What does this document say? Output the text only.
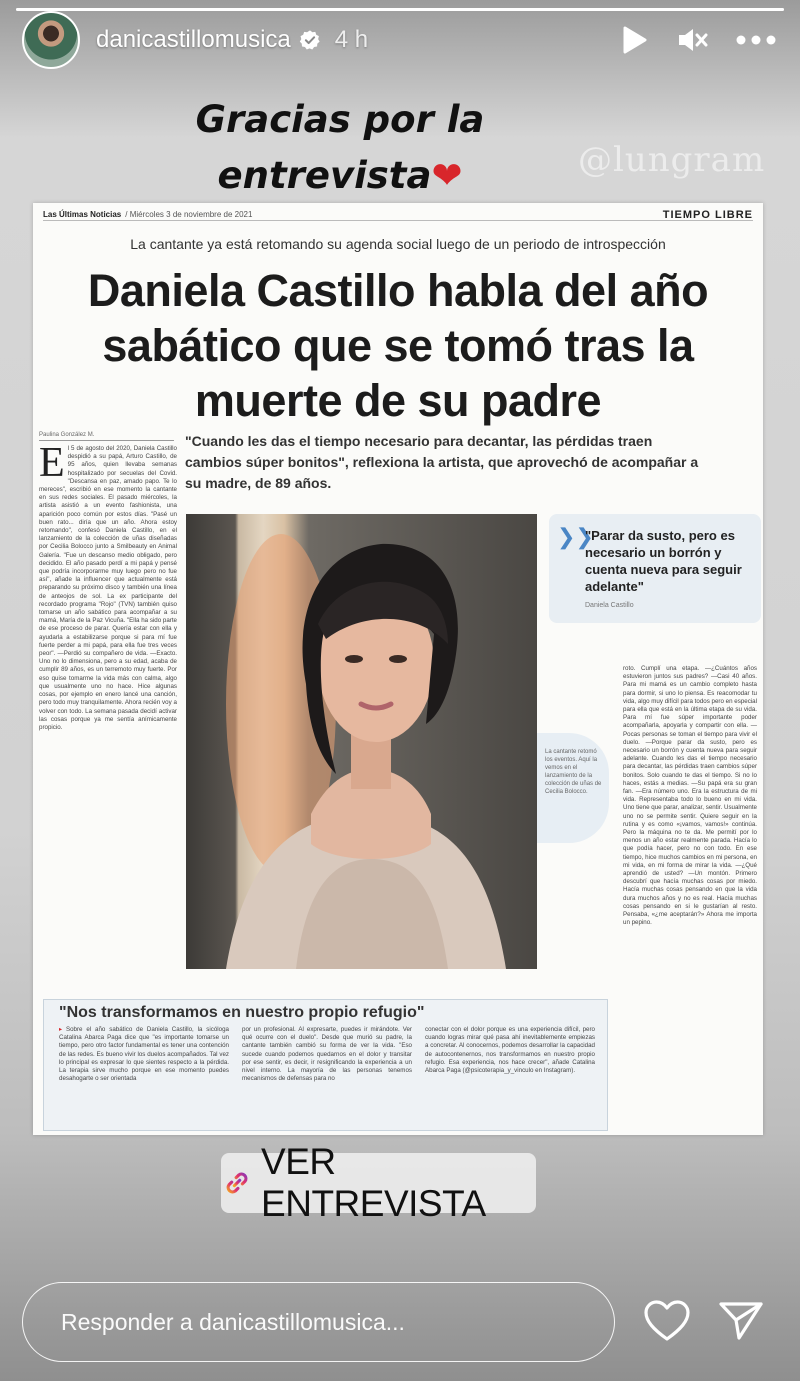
danicastillomusica 4 h
Gracias por la
entrevista❤	@lungram
Las Últimas Noticias / Miércoles 3 de noviembre de 2021	TIEMPO LIBRE
La cantante ya está retomando su agenda social luego de un periodo de introspección
Daniela Castillo habla del año sabático que se tomó tras la muerte de su padre
Paulina González M.	"Cuando les das el tiempo necesario para decantar, las pérdidas traen cambios súper bonitos", reflexiona la artista, que aprovechó de acompañar a su madre, de 89 años.
El 5 de agosto del 2020, Daniela Castillo despidió a su papá, Arturo Castillo, de 95 años, quien llevaba semanas hospitalizado por secuelas del Covid. "Descansa en paz, amado papo. Te lo mereces", escribió en ese momento la cantante en sus redes sociales. El pasado miércoles, la artista asistió a un evento fashionista, una aparición poco común por estos días. "Pasé un buen rato... diría que un año. Ahora estoy retomando", confesó Daniela Castillo, en el lanzamiento de la colección de uñas diseñadas por Cecilia Bolocco junto a Smilbeauty en Animal Galería. "Fue un descanso medio obligado, pero decidido. El año pasado perdí a mi papá y pensé que podría incorporarme muy luego pero no fue así", añade la influencer que actualmente está preparando su próximo disco y también una línea de anteojos de sol. La ex participante del recordado programa "Rojo" (TVN) también quiso tomarse un año sabático para acompañar a su mamá, María de la Paz Vicuña. "Ella ha sido parte de ese proceso de parar. Quería estar con ella y ayudarla a estabilizarse porque si para mí fue fuerte perder a mi papá, para ella fue tres veces peor". —Perdió su compañero de vida. —Exacto. Uno no lo dimensiona, pero a su edad, acaba de cumplir 89 años, es un terremoto muy fuerte. Por eso quise tomarme la vida más con calma, algo que usualmente uno no hace. Hice algunas cosas, por ejemplo en enero lancé una canción, pero todo muy tranquilamente. Ahora recién voy a volver con todo. La semana pasada decidí activar las cosas porque ya me sentía anímicamente propicio.
❯❯
"Parar da susto, pero es necesario un borrón y cuenta nueva para seguir adelante"
Daniela Castillo
La cantante retomó los eventos. Aquí la vemos en el lanzamiento de la colección de uñas de Cecilia Bolocco.
roto. Cumplí una etapa. —¿Cuántos años estuvieron juntos sus padres? —Casi 40 años. Para mi mamá es un cambio completo hasta para dormir, si uno lo piensa. Es reacomodar tu vida, algo muy difícil para todos pero en especial para ella que está en la última etapa de su vida. Para mí fue súper importante poder acompañarla, apoyarla y compartir con ella. —Pocas personas se toman el tiempo para vivir el duelo. —Porque parar da susto, pero es necesario un borrón y cuenta nueva para seguir adelante. Cuando les das el tiempo necesario para decantar, las pérdidas traen cambios súper bonitos. Solo cuando te das el tiempo. Si no lo haces, estás a medias. —Su papá era su gran fan. —Era número uno. Era la estructura de mi vida. Representaba todo lo bueno en mi vida. Uno tiene que parar, analizar, sentir. Usualmente uno no se permite sentir. Quiere seguir en la rutina y es como «¡vamos, vamos!» continúa. Pero la máquina no te da. Me permití por lo menos un año estar realmente parada. Hacía lo que podía hacer, pero no con todo. En ese tiempo, hice muchos cambios en mi persona, en mi vida, en mi forma de mirar la vida. —¿Qué aprendió de usted? —Un montón. Primero descubrí que hacía muchas cosas por miedo. Hacía muchas cosas pensando en que la vida dura muchos años y no es real. Hacía muchas cosas pensando en si le gustarían al resto. Pensaba, «¿me aceptarán?» Ahora me importa un pepino.
"Nos transformamos en nuestro propio refugio"
▸ Sobre el año sabático de Daniela Castillo, la sicóloga Catalina Abarca Paga dice que "es importante tomarse un tiempo, pero otro factor fundamental es tener una contención de las redes. Es bueno vivir los duelos acompañados. Tal vez lo principal es expresar lo que sientes respecto a la pérdida. La terapia sirve mucho porque en ese momento puedes desahogarte o ser orientada
por un profesional. Al expresarte, puedes ir mirándote. Ver qué ocurre con el duelo". Desde que murió su padre, la cantante también cambió su forma de ver la vida. "Eso sucede cuando podemos quedarnos en el dolor y transitar por ese sentir, es decir, ir resignificando la experiencia a un nivel interno. La mayoría de las personas tenemos mecanismos de defensas para no
conectar con el dolor porque es una experiencia difícil, pero cuando logras mirar qué pasa ahí inevitablemente empiezas a concretar. Al conocernos, podemos desarrollar la capacidad de autocontenernos, nos transformamos en nuestro propio refugio. Esa experiencia, nos hace crecer", añade Catalina Abarca Paga (@psicoterapia_y_vinculo en Instagram).
VER ENTREVISTA
Responder a danicastillomusica...
